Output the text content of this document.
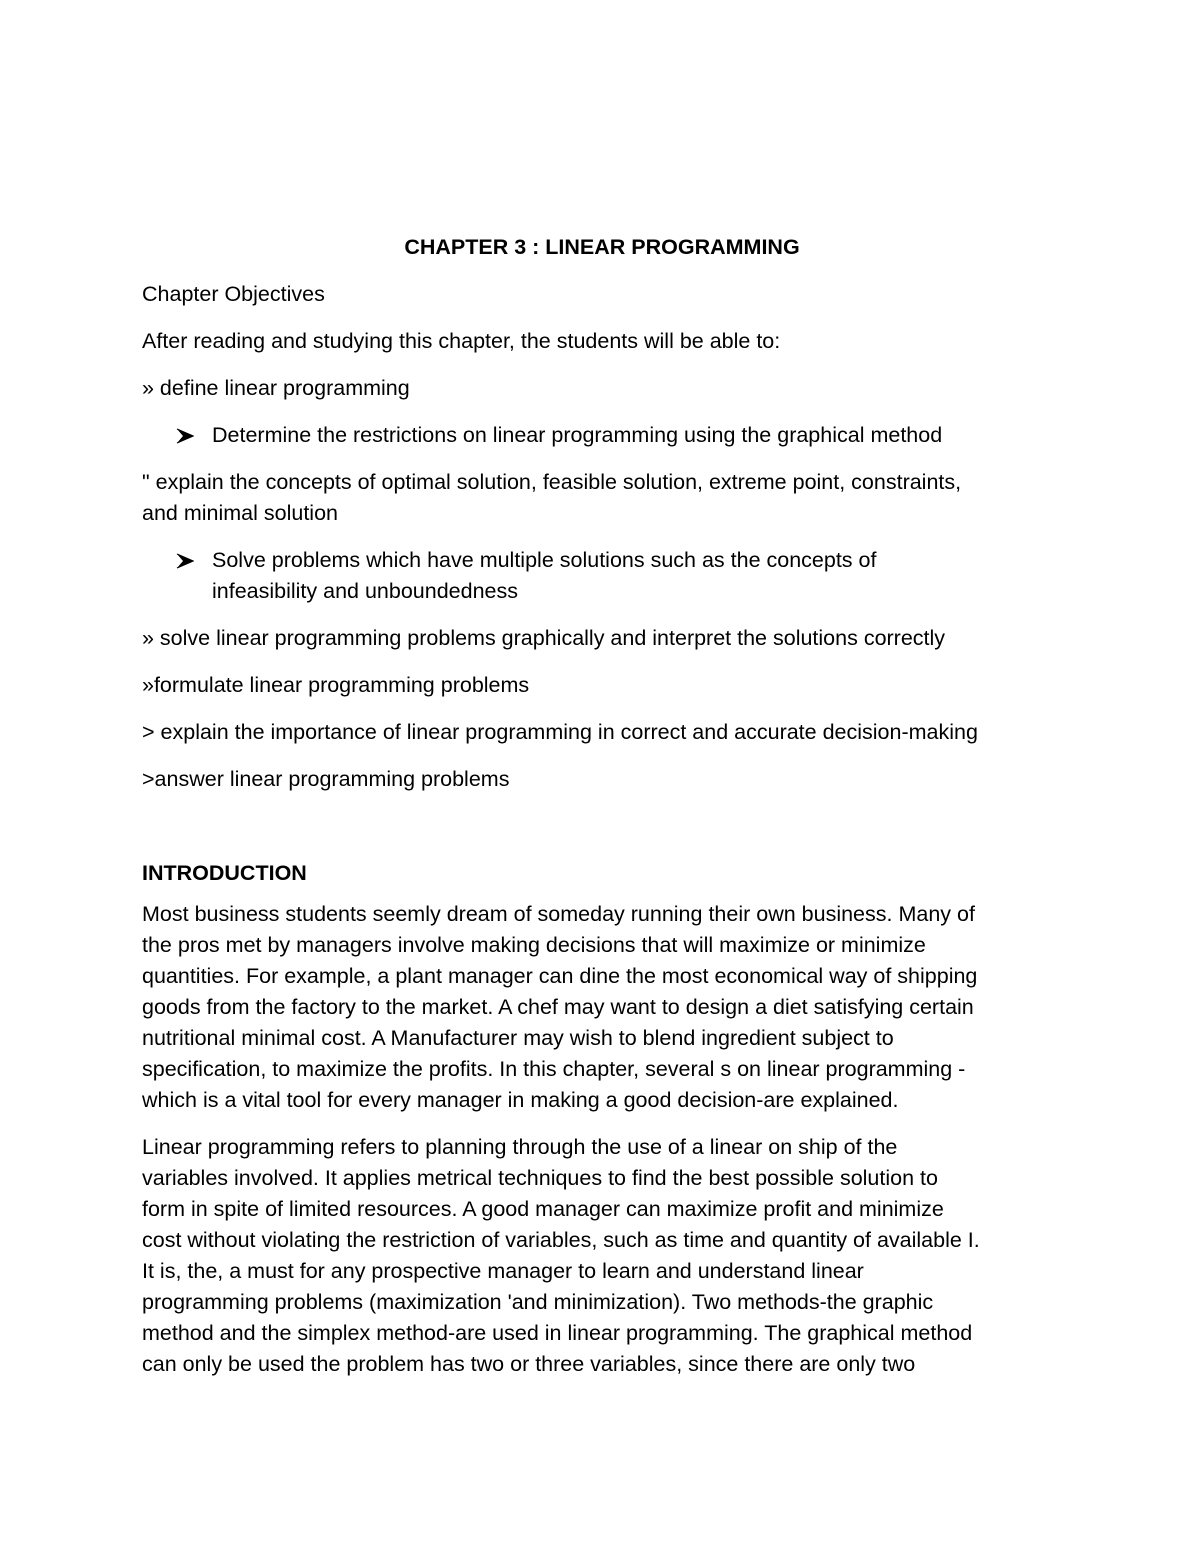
CHAPTER 3 : LINEAR PROGRAMMING
Chapter Objectives
After reading and studying this chapter, the students will be able to:
» define linear programming
Determine the restrictions on linear programming using the graphical method
" explain the concepts of optimal solution, feasible solution, extreme point, constraints,
and minimal solution
Solve problems which have multiple solutions such as the concepts of
infeasibility and unboundedness
» solve linear programming problems graphically and interpret the solutions correctly
»formulate linear programming problems
> explain the importance of linear programming in correct and accurate decision-making
>answer linear programming problems
INTRODUCTION
Most business students seemly dream of someday running their own business. Many of
the pros met by managers involve making decisions that will maximize or minimize
quantities. For example, a plant manager can dine the most economical way of shipping
goods from the factory to the market. A chef may want to design a diet satisfying certain
nutritional minimal cost. A Manufacturer may wish to blend ingredient subject to
specification, to maximize the profits. In this chapter, several s on linear programming -
which is a vital tool for every manager in making a good decision-are explained.
Linear programming refers to planning through the use of a linear on ship of the
variables involved. It applies metrical techniques to find the best possible solution to
form in spite of limited resources. A good manager can maximize profit and minimize
cost without violating the restriction of variables, such as time and quantity of available I.
It is, the, a must for any prospective manager to learn and understand linear
programming problems (maximization 'and minimization). Two methods-the graphic
method and the simplex method-are used in linear programming. The graphical method
can only be used the problem has two or three variables, since there are only two
